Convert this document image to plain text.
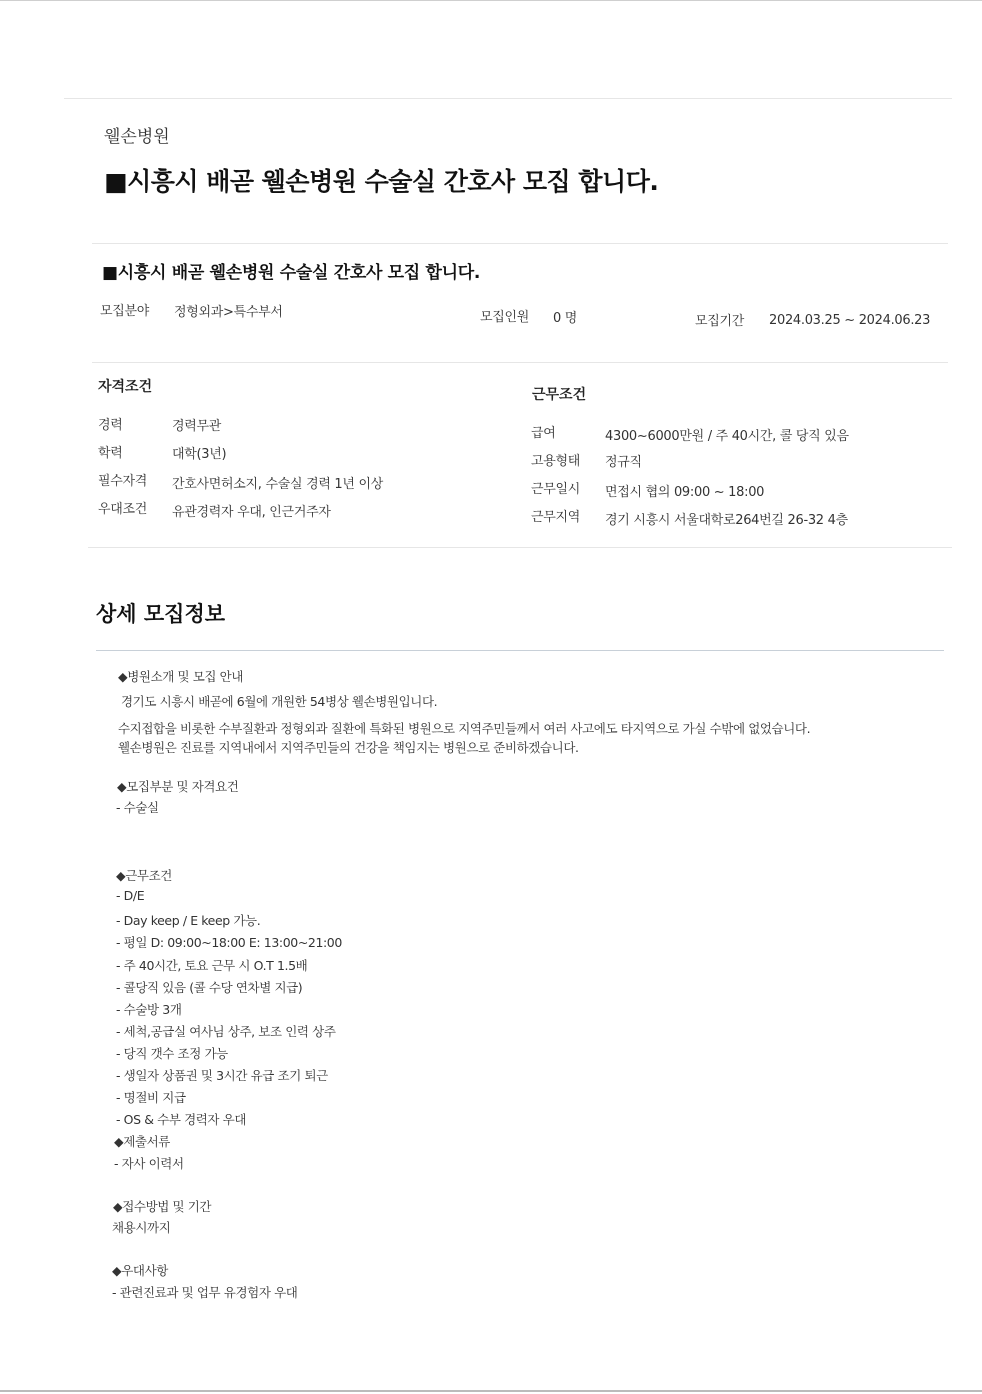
웰손병원
■시흥시 배곧 웰손병원 수술실 간호사 모집 합니다.
■시흥시 배곧 웰손병원 수술실 간호사 모집 합니다.
모집분야 정형외과>특수부서	모집인원 0 명	모집기간 2024.03.25 ~ 2024.06.23
자격조건
경력	경력무관
학력	대학(3년)
필수자격 간호사면허소지, 수술실 경력 1년 이상
우대조건 유관경력자 우대, 인근거주자
근무조건
급여	4300~6000만원 / 주 40시간, 콜 당직 있음
고용형태 정규직
근무일시 면접시 협의 09:00 ~ 18:00
근무지역 경기 시흥시 서울대학로264번길 26-32 4층
상세 모집정보
◆병원소개 및 모집 안내
경기도 시흥시 배곧에 6월에 개원한 54병상 웰손병원입니다.
수지접합을 비롯한 수부질환과 정형외과 질환에 특화된 병원으로 지역주민들께서 여러 사고에도 타지역으로 가실 수밖에 없었습니다.
웰손병원은 진료를 지역내에서 지역주민들의 건강을 책임지는 병원으로 준비하겠습니다.
◆모집부분 및 자격요건
- 수술실
◆근무조건
- D/E
- Day keep / E keep 가능.
- 평일 D: 09:00~18:00 E: 13:00~21:00
- 주 40시간, 토요 근무 시 O.T 1.5배
- 콜당직 있음 (콜 수당 연차별 지급)
- 수술방 3개
- 세척,공급실 여사님 상주, 보조 인력 상주
- 당직 갯수 조정 가능
- 생일자 상품권 및 3시간 유급 조기 퇴근
- 명절비 지급
- OS & 수부 경력자 우대
◆제출서류
- 자사 이력서
◆접수방법 및 기간
채용시까지
◆우대사항
- 관련진료과 및 업무 유경험자 우대
